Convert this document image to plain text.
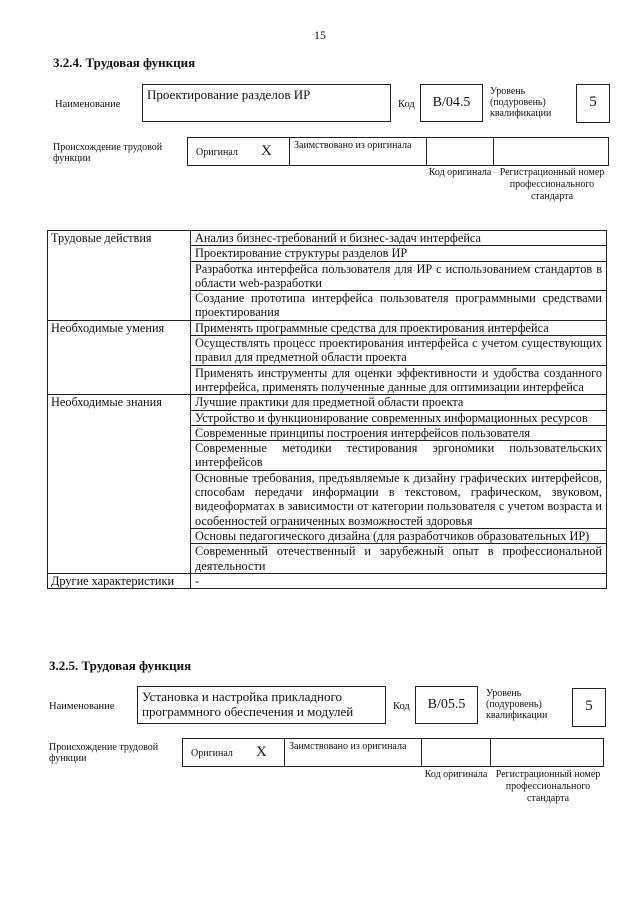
15
3.2.4. Трудовая функция
Наименование
Проектирование разделов ИР
Код	B/04.5
Уровень (подуровень) квалификации
5
Происхождение трудовой функции
Оригинал X Заимствовано из оригинала
Код оригинала Регистрационный номер профессионального стандарта
Трудовые действия	Анализ бизнес-требований и бизнес-задач интерфейса
	Проектирование структуры разделов ИР
	Разработка интерфейса пользователя для ИР с использованием стандартов в области web-разработки
	Создание прототипа интерфейса пользователя программными средствами проектирования
Необходимые умения	Применять программные средства для проектирования интерфейса
	Осуществлять процесс проектирования интерфейса с учетом существующих правил для предметной области проекта
	Применять инструменты для оценки эффективности и удобства созданного интерфейса, применять полученные данные для оптимизации интерфейса
Необходимые знания	Лучшие практики для предметной области проекта
	Устройство и функционирование современных информационных ресурсов
	Современные принципы построения интерфейсов пользователя
	Современные методики тестирования эргономики пользовательских интерфейсов
	Основные требования, предъявляемые к дизайну графических интерфейсов, способам передачи информации в текстовом, графическом, звуковом, видеоформатах в зависимости от категории пользователя с учетом возраста и особенностей ограниченных возможностей здоровья
	Основы педагогического дизайна (для разработчиков образовательных ИР)
	Современный отечественный и зарубежный опыт в профессиональной деятельности
Другие характеристики	-
3.2.5. Трудовая функция
Наименование
Установка и настройка прикладного программного обеспечения и модулей	Код	B/05.5
Уровень (подуровень) квалификации
5
Происхождение трудовой функции	Оригинал X Заимствовано из оригинала
Код оригинала Регистрационный номер профессионального стандарта
